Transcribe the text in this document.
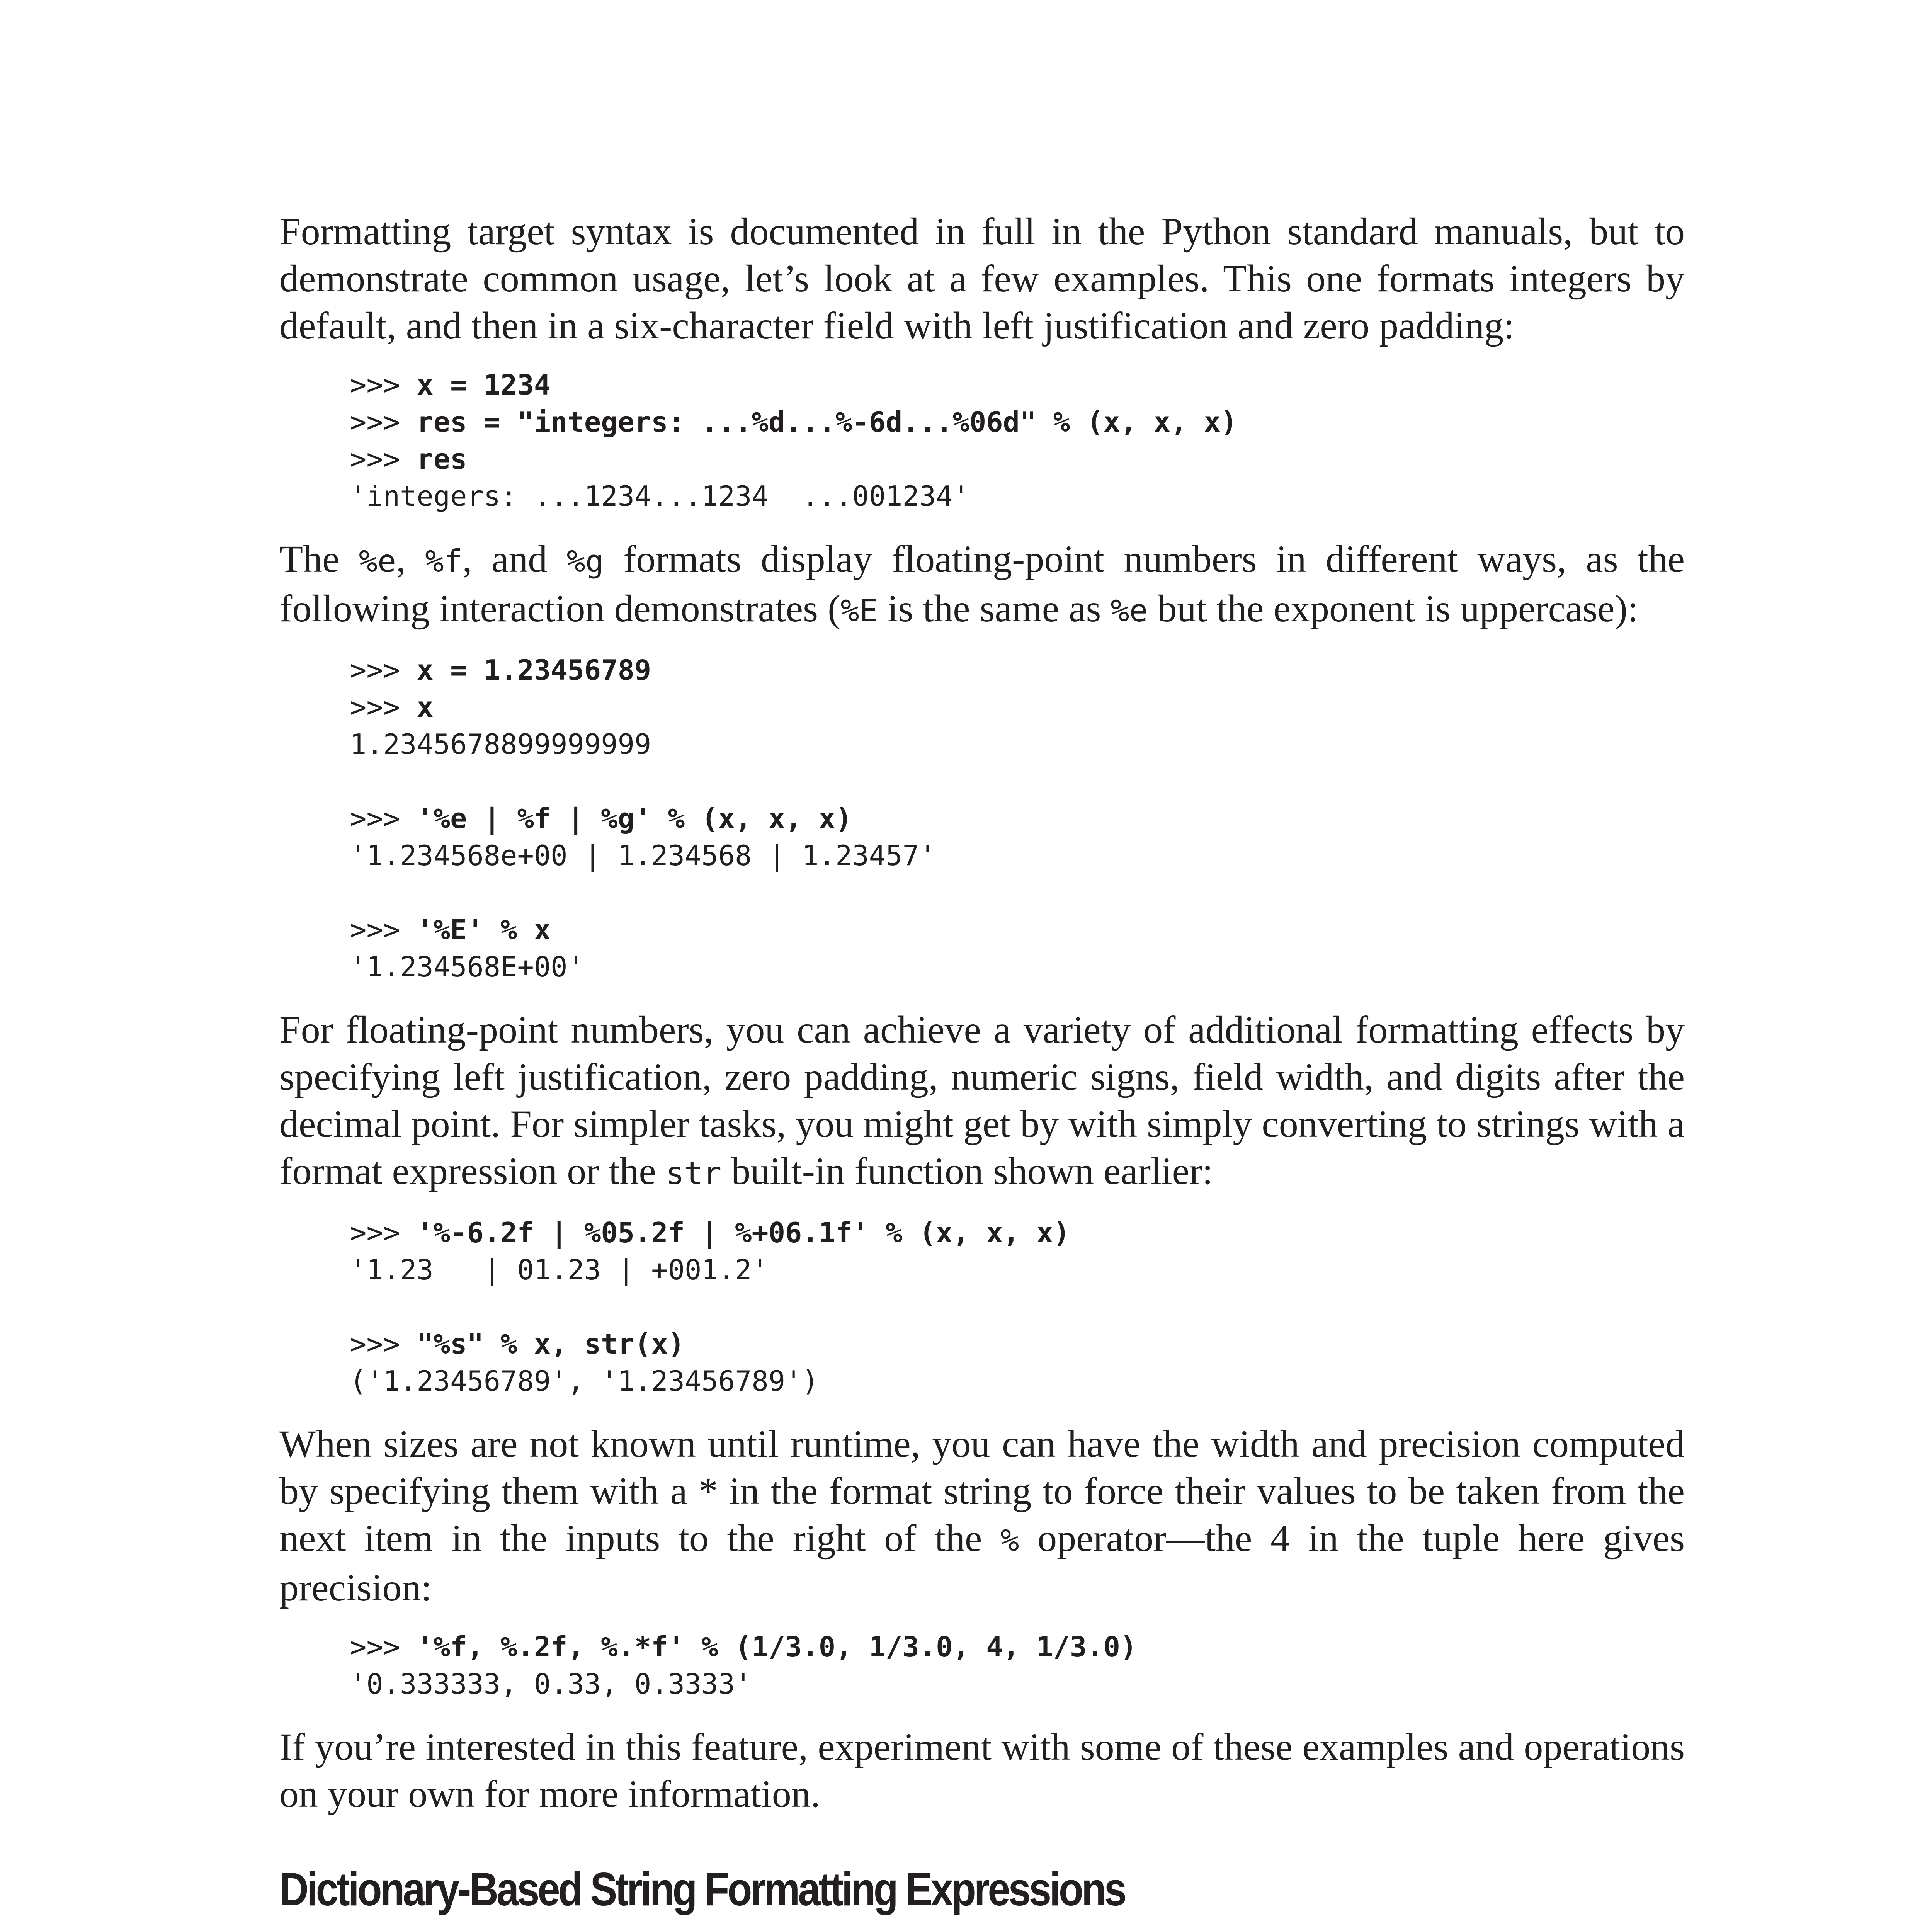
Formatting target syntax is documented in full in the Python standard manuals, but to demonstrate common usage, let’s look at a few examples. This one formats integers by default, and then in a six-character field with left justification and zero padding:

>>> x = 1234
>>> res = "integers: ...%d...%-6d...%06d" % (x, x, x)
>>> res
'integers: ...1234...1234  ...001234'

The %e, %f, and %g formats display floating-point numbers in different ways, as the following interaction demonstrates (%E is the same as %e but the exponent is uppercase):

>>> x = 1.23456789
>>> x
1.2345678899999999

>>> '%e | %f | %g' % (x, x, x)
'1.234568e+00 | 1.234568 | 1.23457'

>>> '%E' % x
'1.234568E+00'

For floating-point numbers, you can achieve a variety of additional formatting effects by specifying left justification, zero padding, numeric signs, field width, and digits after the decimal point. For simpler tasks, you might get by with simply converting to strings with a format expression or the str built-in function shown earlier:

>>> '%-6.2f | %05.2f | %+06.1f' % (x, x, x)
'1.23   | 01.23 | +001.2'

>>> "%s" % x, str(x)
('1.23456789', '1.23456789')

When sizes are not known until runtime, you can have the width and precision computed by specifying them with a * in the format string to force their values to be taken from the next item in the inputs to the right of the % operator—the 4 in the tuple here gives precision:

>>> '%f, %.2f, %.*f' % (1/3.0, 1/3.0, 4, 1/3.0)
'0.333333, 0.33, 0.3333'

If you’re interested in this feature, experiment with some of these examples and operations on your own for more information.

Dictionary-Based String Formatting Expressions
